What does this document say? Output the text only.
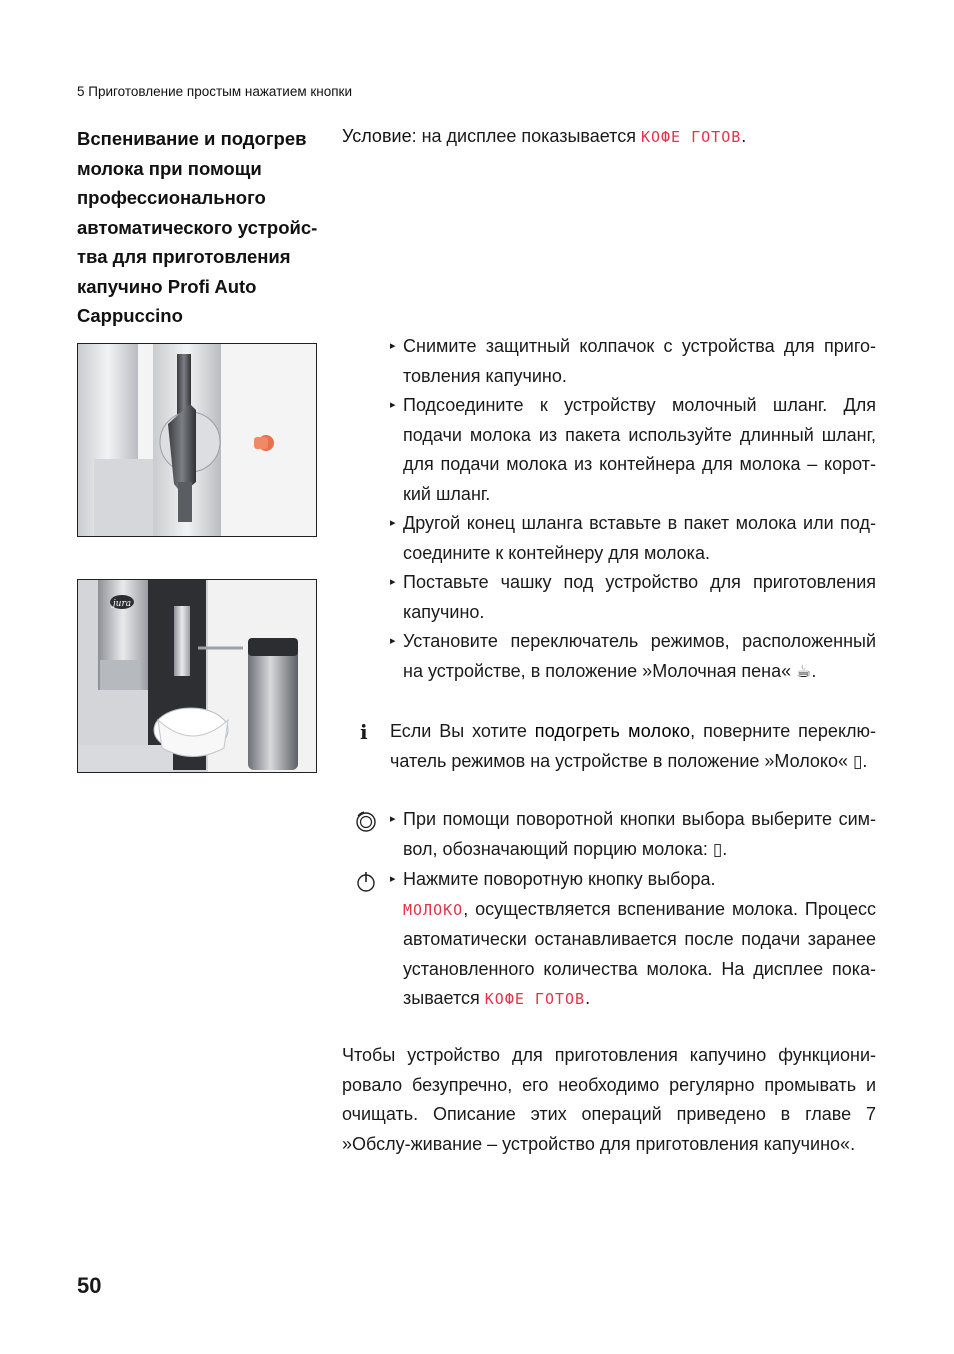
5 Приготовление простым нажатием кнопки
Вспенивание и подогрев молока при помощи профессионального автоматического устройс-тва для приготовления капучино Profi Auto Cappuccino
Условие: на дисплее показывается КОФЕ ГОТОВ.
jura
▸ Снимите защитный колпачок с устройства для приго-товления капучино.
▸ Подсоедините к устройству молочный шланг. Для подачи молока из пакета используйте длинный шланг, для подачи молока из контейнера для молока – корот-кий шланг.
▸ Другой конец шланга вставьте в пакет молока или под-соедините к контейнеру для молока.
▸ Поставьте чашку под устройство для приготовления капучино.
▸ Установите переключатель режимов, расположенный на устройстве, в положение »Молочная пена« ☕.
i Если Вы хотите подогреть молоко, поверните переклю-чатель режимов на устройстве в положение »Молоко« ▯.
▸ При помощи поворотной кнопки выбора выберите сим-вол, обозначающий порцию молока: ▯.
▸ Нажмите поворотную кнопку выбора.
МОЛОКО, осуществляется вспенивание молока. Процесс автоматически останавливается после подачи заранее установленного количества молока. На дисплее пока-зывается КОФЕ ГОТОВ.
Чтобы устройство для приготовления капучино функциони-ровало безупречно, его необходимо регулярно промывать и очищать. Описание этих операций приведено в главе 7 »Обслу-живание – устройство для приготовления капучино«.
50
